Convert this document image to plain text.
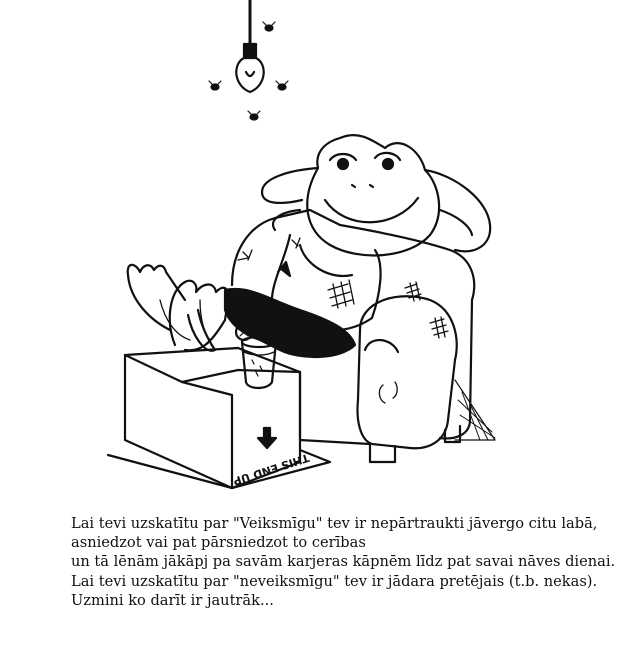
THIS END UP
Lai tevi uzskatītu par "Veiksmīgu" tev ir nepārtraukti jāvergo citu labā,
asniedzot vai pat pārsniedzot to cerības
un tā lēnām jākāpj pa savām karjeras kāpnēm līdz pat savai nāves dienai.
Lai tevi uzskatītu par "neveiksmīgu" tev ir jādara pretējais (t.b. nekas).
Uzmini ko darīt ir jautrāk...
